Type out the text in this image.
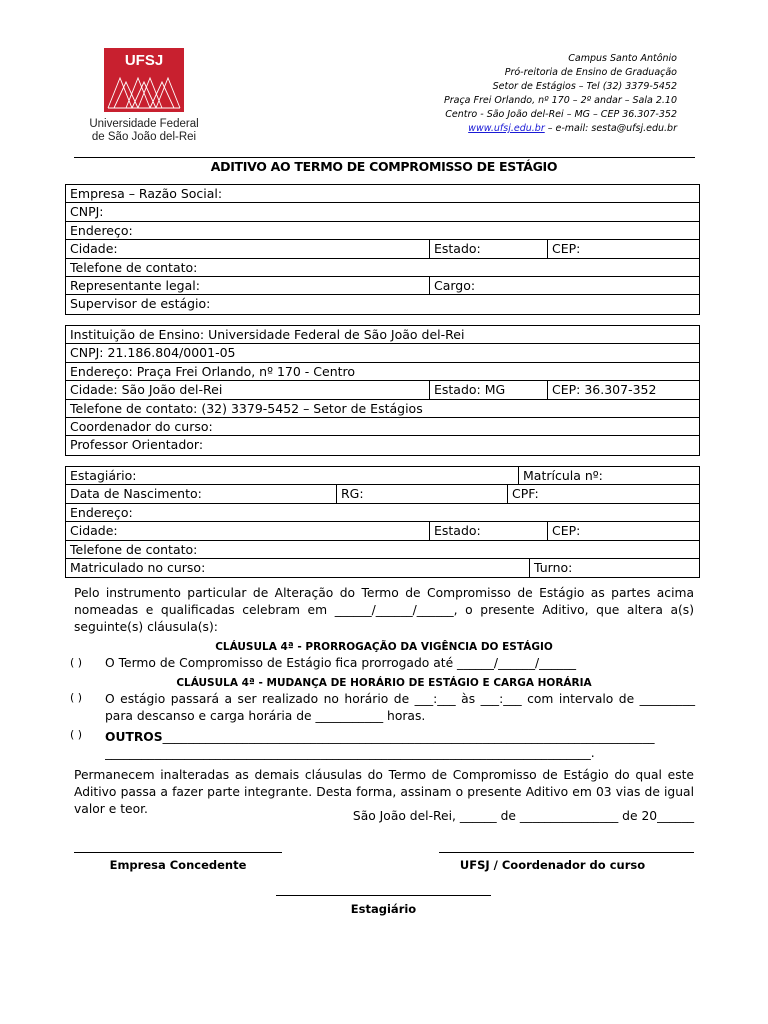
UFSJ
Universidade Federal
de São João del-Rei
Campus Santo Antônio
Pró-reitoria de Ensino de Graduação
Setor de Estágios – Tel (32) 3379-5452
Praça Frei Orlando, nº 170 – 2º andar – Sala 2.10
Centro - São João del-Rei – MG – CEP 36.307-352
www.ufsj.edu.br – e-mail: sesta@ufsj.edu.br
ADITIVO AO TERMO DE COMPROMISSO DE ESTÁGIO
Empresa – Razão Social:
CNPJ:
Endereço:
Cidade:	Estado:	CEP:
Telefone de contato:
Representante legal:	Cargo:
Supervisor de estágio:
Instituição de Ensino: Universidade Federal de São João del-Rei
CNPJ: 21.186.804/0001-05
Endereço: Praça Frei Orlando, nº 170 - Centro
Cidade: São João del-Rei	Estado: MG	CEP: 36.307-352
Telefone de contato: (32) 3379-5452 – Setor de Estágios
Coordenador do curso:
Professor Orientador:
Estagiário:	Matrícula nº:
Data de Nascimento:	RG:	CPF:
Endereço:
Cidade:	Estado:	CEP:
Telefone de contato:
Matriculado no curso:	Turno:
Pelo instrumento particular de Alteração do Termo de Compromisso de Estágio as partes acima nomeadas e qualificadas celebram em ______/______/______, o presente Aditivo, que altera a(s) seguinte(s) cláusula(s):
CLÁUSULA 4ª - PRORROGAÇÃO DA VIGÊNCIA DO ESTÁGIO
( ) O Termo de Compromisso de Estágio fica prorrogado até ______/______/______
CLÁUSULA 4ª - MUDANÇA DE HORÁRIO DE ESTÁGIO E CARGA HORÁRIA
( ) O estágio passará a ser realizado no horário de ___:___ às ___:___ com intervalo de _________ para descanso e carga horária de ___________ horas.
( ) OUTROS________________________________________________________________________________
_______________________________________________________________________________.
Permanecem inalteradas as demais cláusulas do Termo de Compromisso de Estágio do qual este Aditivo passa a fazer parte integrante. Desta forma, assinam o presente Aditivo em 03 vias de igual valor e teor.	São João del-Rei, ______ de ________________ de 20______
Empresa Concedente	UFSJ / Coordenador do curso
Estagiário
